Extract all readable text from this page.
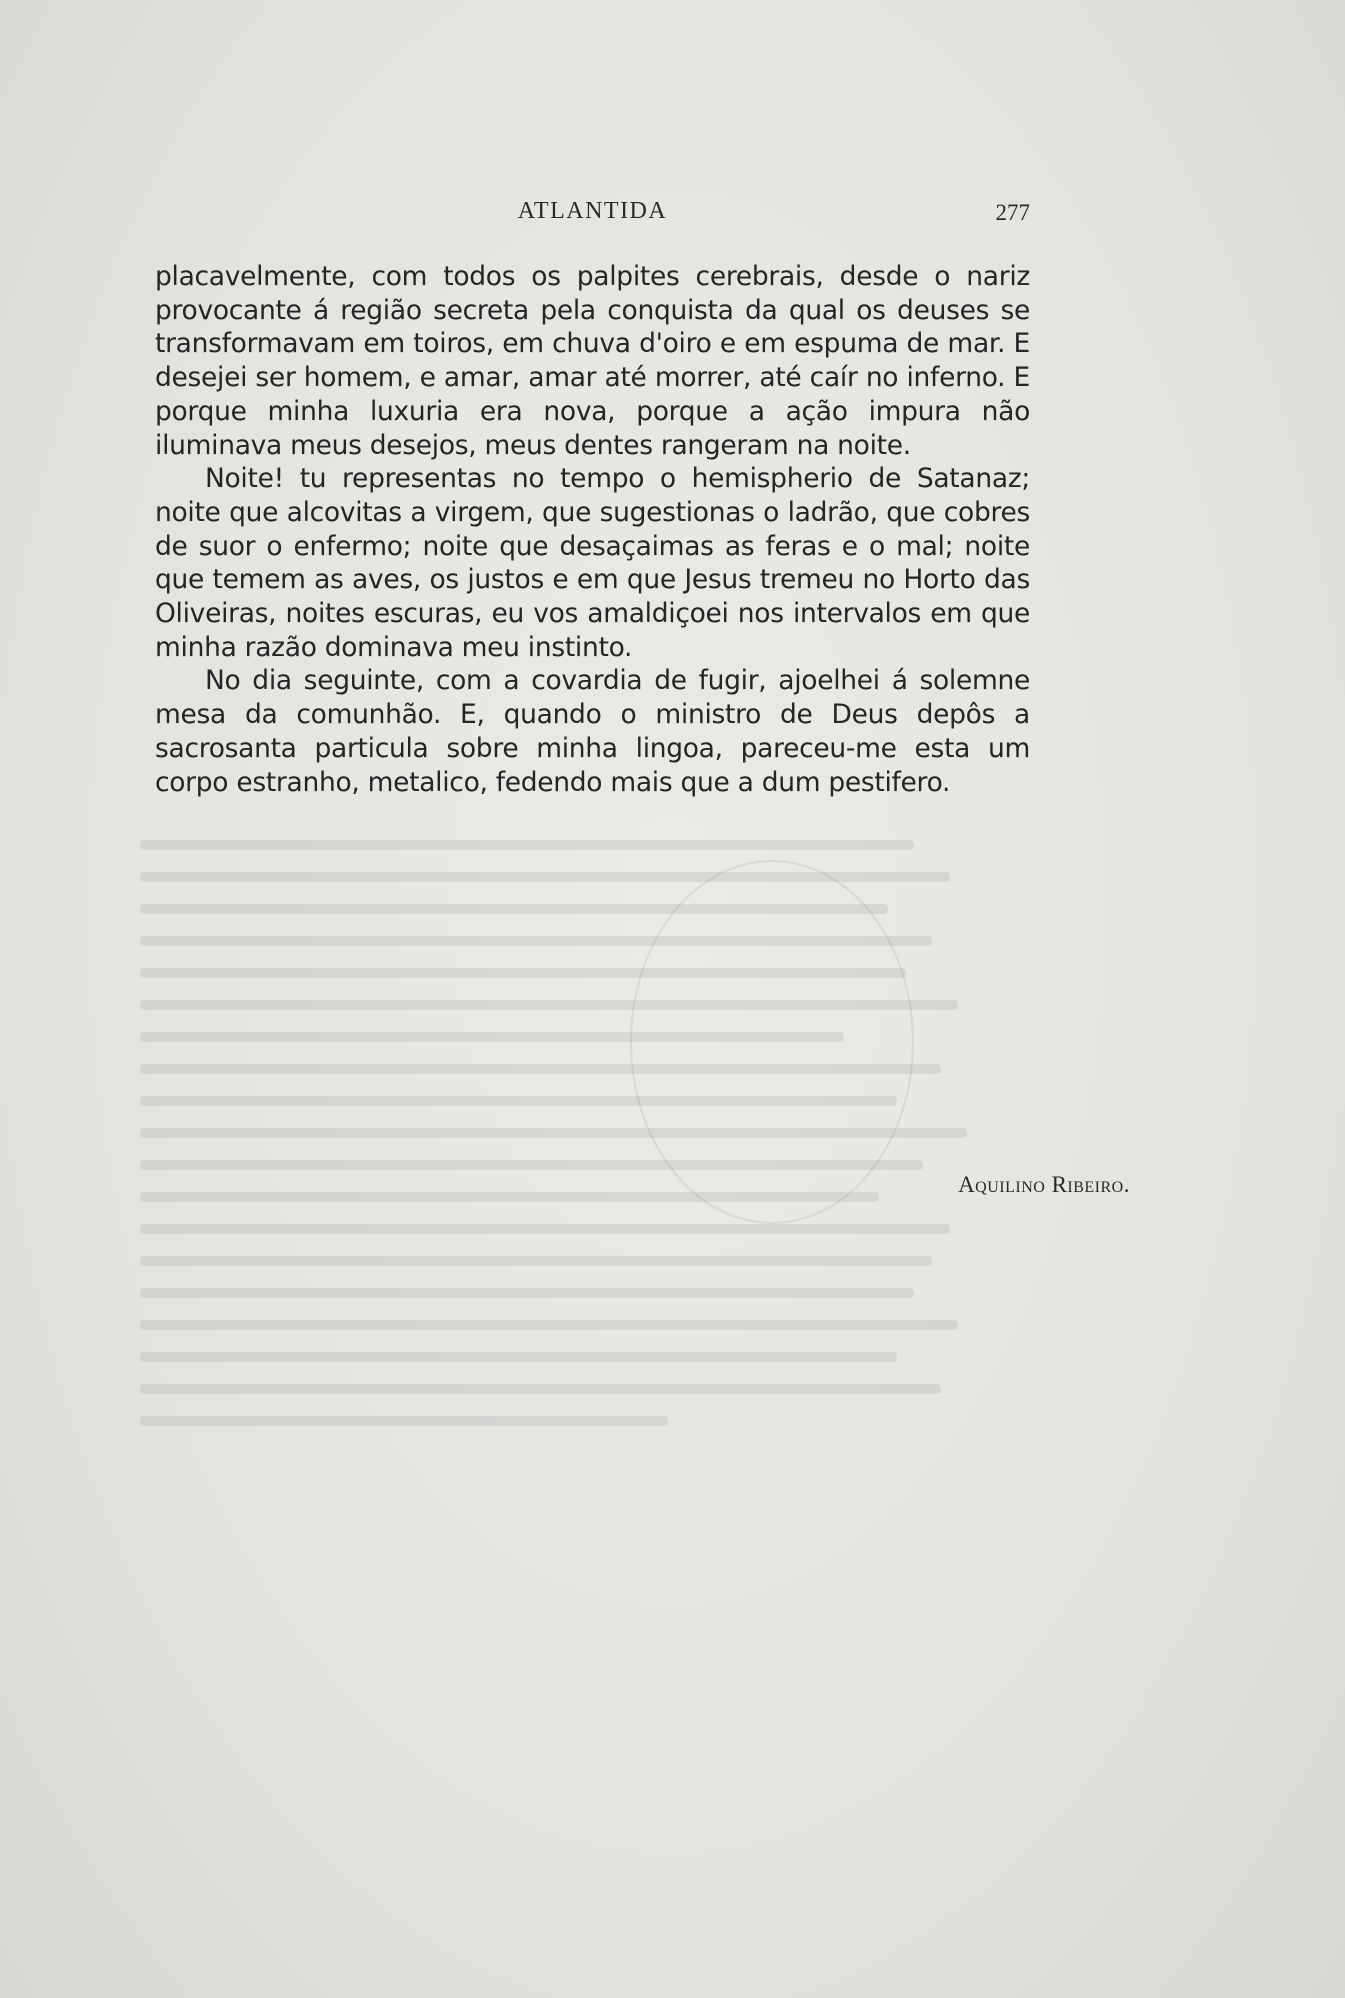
ATLANTIDA	277

placavelmente, com todos os palpites cerebrais, desde o nariz provocante á região secreta pela conquista da qual os deuses se transformavam em toiros, em chuva d'oiro e em espuma de mar. E desejei ser homem, e amar, amar até morrer, até caír no inferno. E porque minha luxuria era nova, porque a ação impura não iluminava meus desejos, meus dentes rangeram na noite.

Noite! tu representas no tempo o hemispherio de Satanaz; noite que alcovitas a virgem, que sugestionas o ladrão, que cobres de suor o enfermo; noite que desaçaimas as feras e o mal; noite que temem as aves, os justos e em que Jesus tremeu no Horto das Oliveiras, noites escuras, eu vos amaldiçoei nos intervalos em que minha razão dominava meu instinto.

No dia seguinte, com a covardia de fugir, ajoelhei á solemne mesa da comunhão. E, quando o ministro de Deus depôs a sacrosanta particula sobre minha lingoa, pareceu-me esta um corpo estranho, metalico, fedendo mais que a dum pestifero.

Aquilino Ribeiro.
